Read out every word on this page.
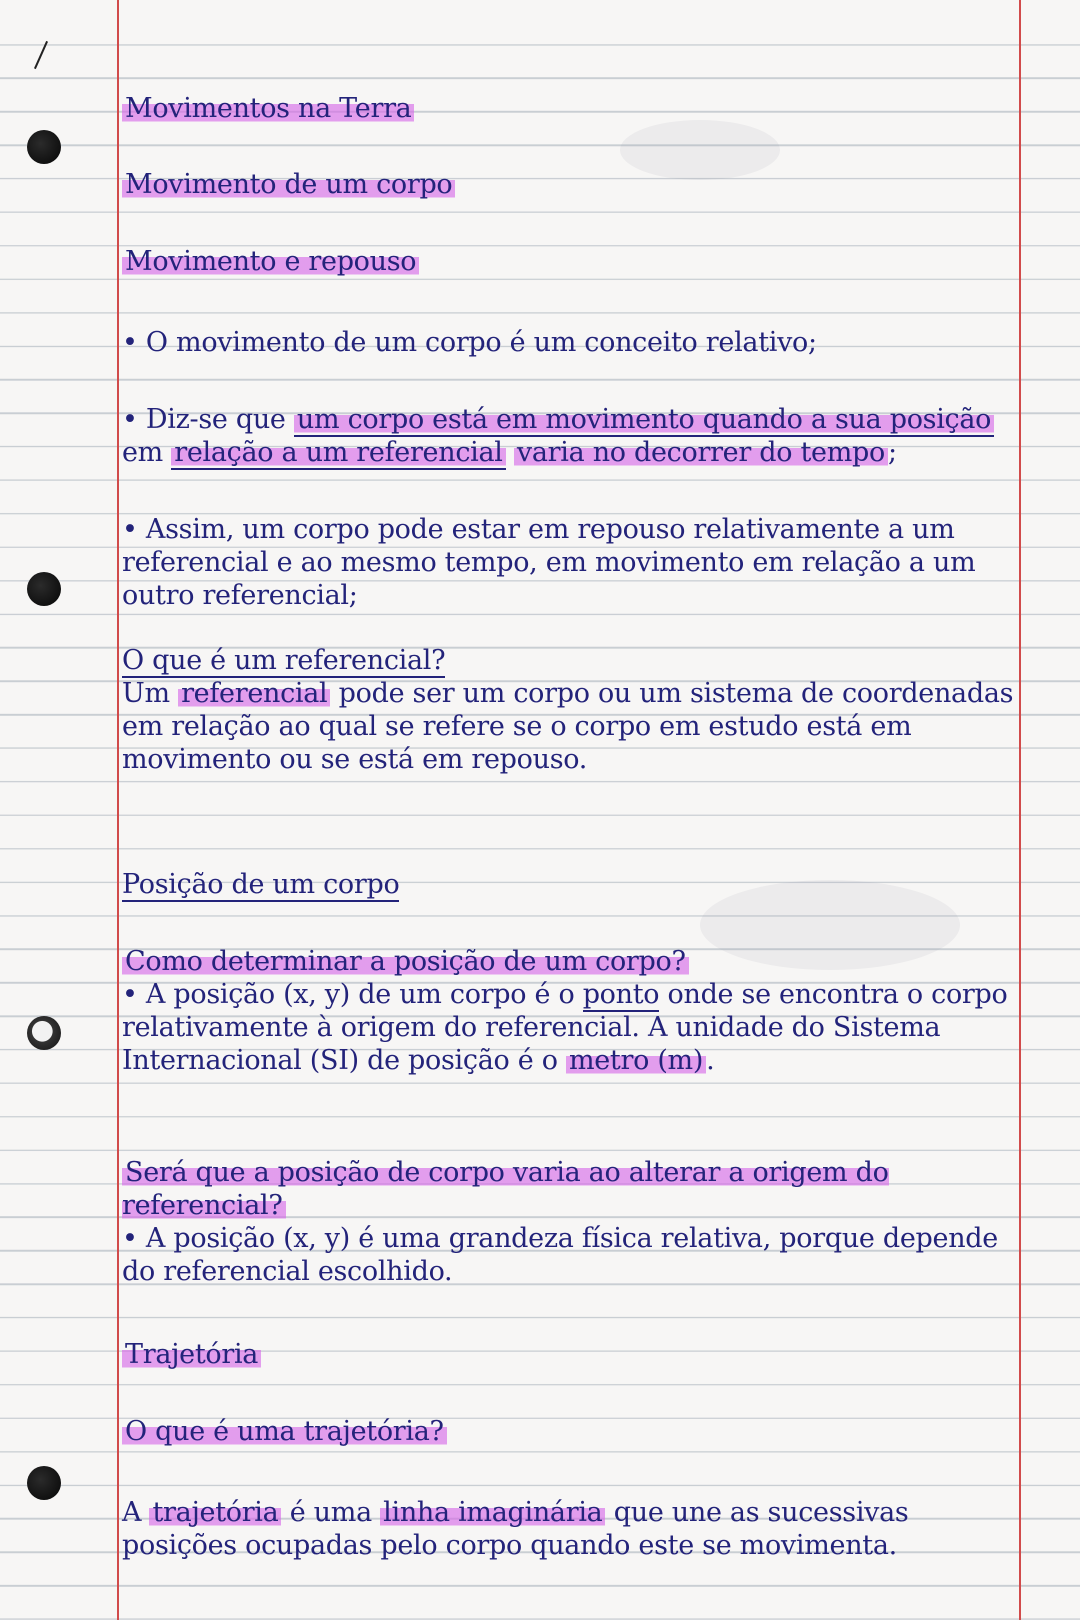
Movimentos na Terra
Movimento de um corpo
Movimento e repouso
• O movimento de um corpo é um conceito relativo;

• Diz-se que um corpo está em movimento quando a sua posição em relação a um referencial varia no decorrer do tempo ;

• Assim, um corpo pode estar em repouso relativamente a um referencial e ao mesmo tempo, em movimento em relação a um outro referencial;

O que é um referencial?

Um referencial pode ser um corpo ou um sistema de coordenadas em relação ao qual se refere se o corpo em estudo está em movimento ou se está em repouso.

Posição de um corpo
Como determinar a posição de um corpo?

• A posição (x, y) de um corpo é o ponto onde se encontra o corpo relativamente à origem do referencial. A unidade do Sistema Internacional (SI) de posição é o metro (m) .

Será que a posição de corpo varia ao alterar a origem do referencial?

• A posição (x, y) é uma grandeza física relativa, porque depende do referencial escolhido.

Trajetória
O que é uma trajetória?

A trajetória é uma linha imaginária que une as sucessivas posições ocupadas pelo corpo quando este se movimenta.
